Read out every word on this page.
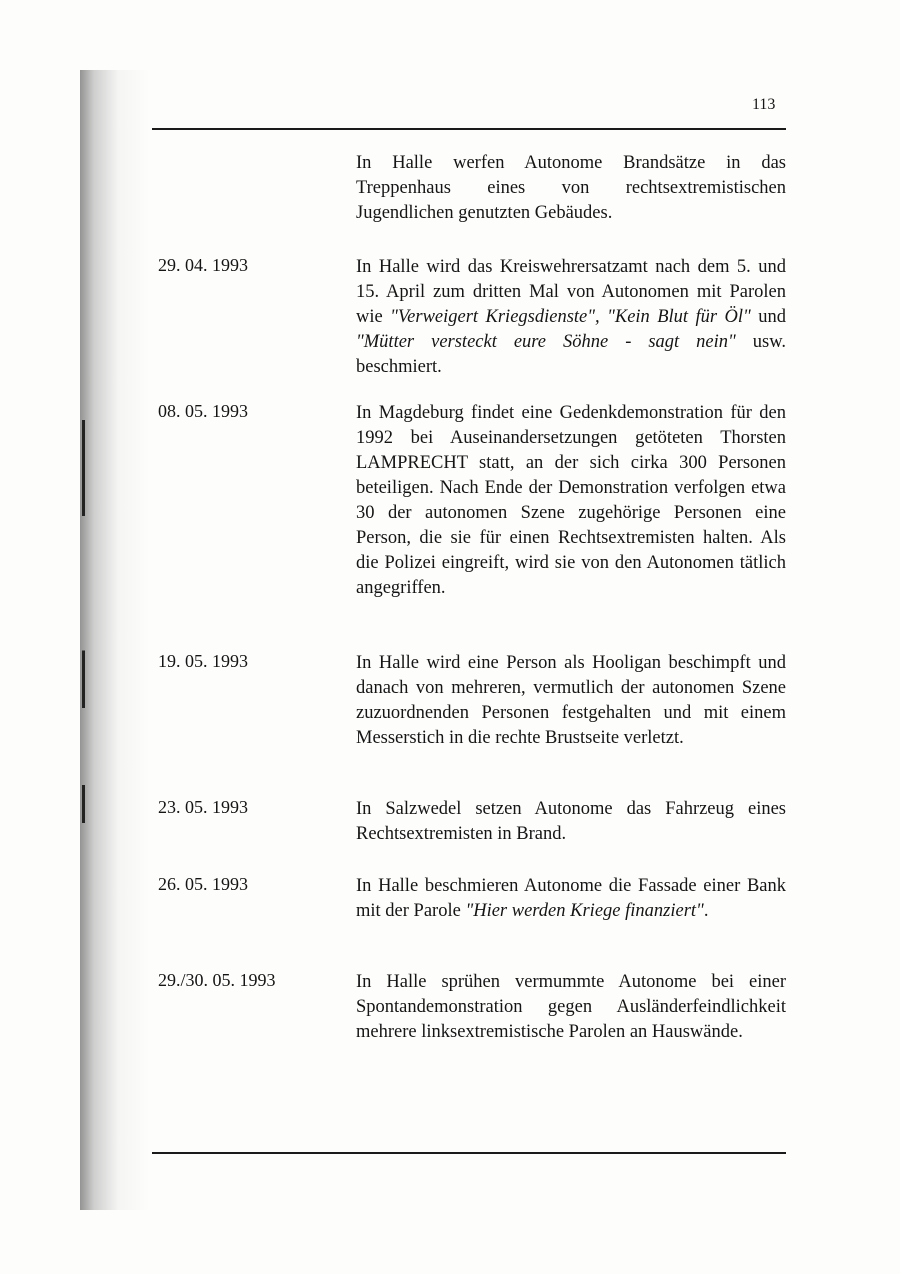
113
In Halle werfen Autonome Brandsätze in das Treppenhaus eines von rechtsextremistischen Jugendlichen genutzten Gebäudes.
29. 04. 1993	In Halle wird das Kreiswehrersatzamt nach dem 5. und 15. April zum dritten Mal von Autonomen mit Parolen wie "Verweigert Kriegsdienste", "Kein Blut für Öl" und "Mütter versteckt eure Söhne - sagt nein" usw. beschmiert.
08. 05. 1993	In Magdeburg findet eine Gedenkdemonstration für den 1992 bei Auseinandersetzungen getöteten Thorsten LAMPRECHT statt, an der sich cirka 300 Personen beteiligen. Nach Ende der Demonstration verfolgen etwa 30 der autonomen Szene zugehörige Personen eine Person, die sie für einen Rechtsextremisten halten. Als die Polizei eingreift, wird sie von den Autonomen tätlich angegriffen.
19. 05. 1993	In Halle wird eine Person als Hooligan beschimpft und danach von mehreren, vermutlich der autonomen Szene zuzuordnenden Personen festgehalten und mit einem Messerstich in die rechte Brustseite verletzt.
23. 05. 1993	In Salzwedel setzen Autonome das Fahrzeug eines Rechtsextremisten in Brand.
26. 05. 1993	In Halle beschmieren Autonome die Fassade einer Bank mit der Parole "Hier werden Kriege finanziert".
29./30. 05. 1993	In Halle sprühen vermummte Autonome bei einer Spontandemonstration gegen Ausländerfeindlichkeit mehrere linksextremistische Parolen an Hauswände.
